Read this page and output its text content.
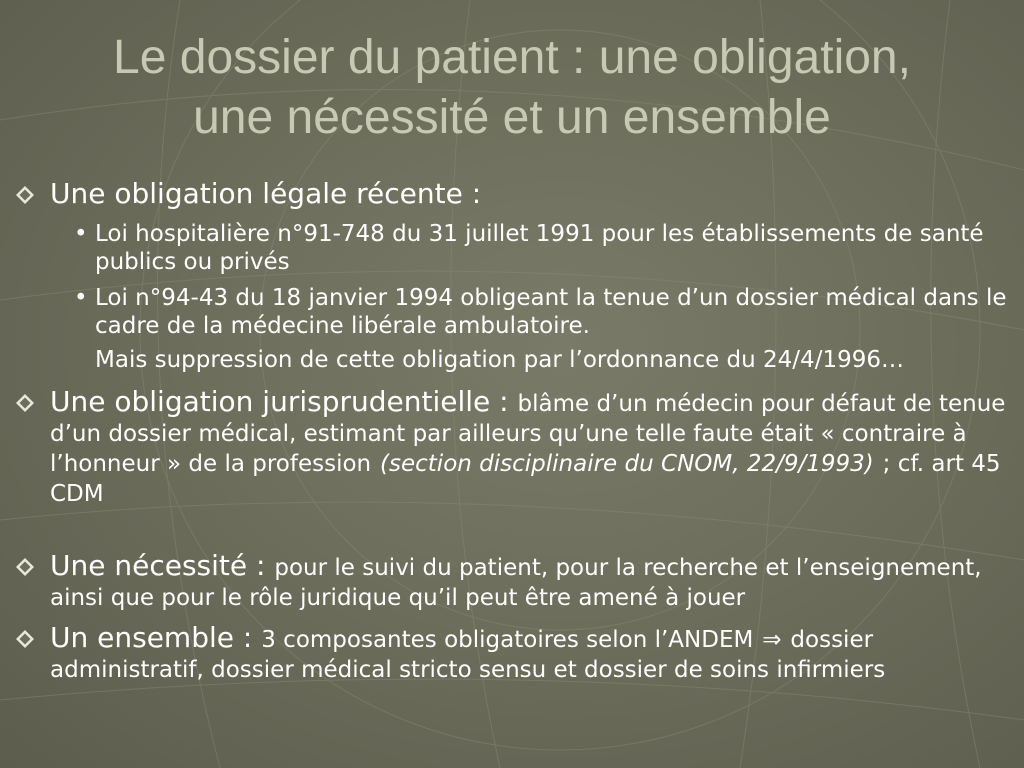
Le dossier du patient : une obligation,
une nécessité et un ensemble
Une obligation légale récente :
• Loi hospitalière n°91-748 du 31 juillet 1991 pour les établissements de santé publics ou privés
• Loi n°94-43 du 18 janvier 1994 obligeant la tenue d’un dossier médical dans le cadre de la médecine libérale ambulatoire.
Mais suppression de cette obligation par l’ordonnance du 24/4/1996…
Une obligation jurisprudentielle : blâme d’un médecin pour défaut de tenue d’un dossier médical, estimant par ailleurs qu’une telle faute était « contraire à l’honneur » de la profession (section disciplinaire du CNOM, 22/9/1993) ; cf. art 45 CDM
Une nécessité : pour le suivi du patient, pour la recherche et l’enseignement, ainsi que pour le rôle juridique qu’il peut être amené à jouer
Un ensemble : 3 composantes obligatoires selon l’ANDEM ⇒ dossier administratif, dossier médical stricto sensu et dossier de soins infirmiers
